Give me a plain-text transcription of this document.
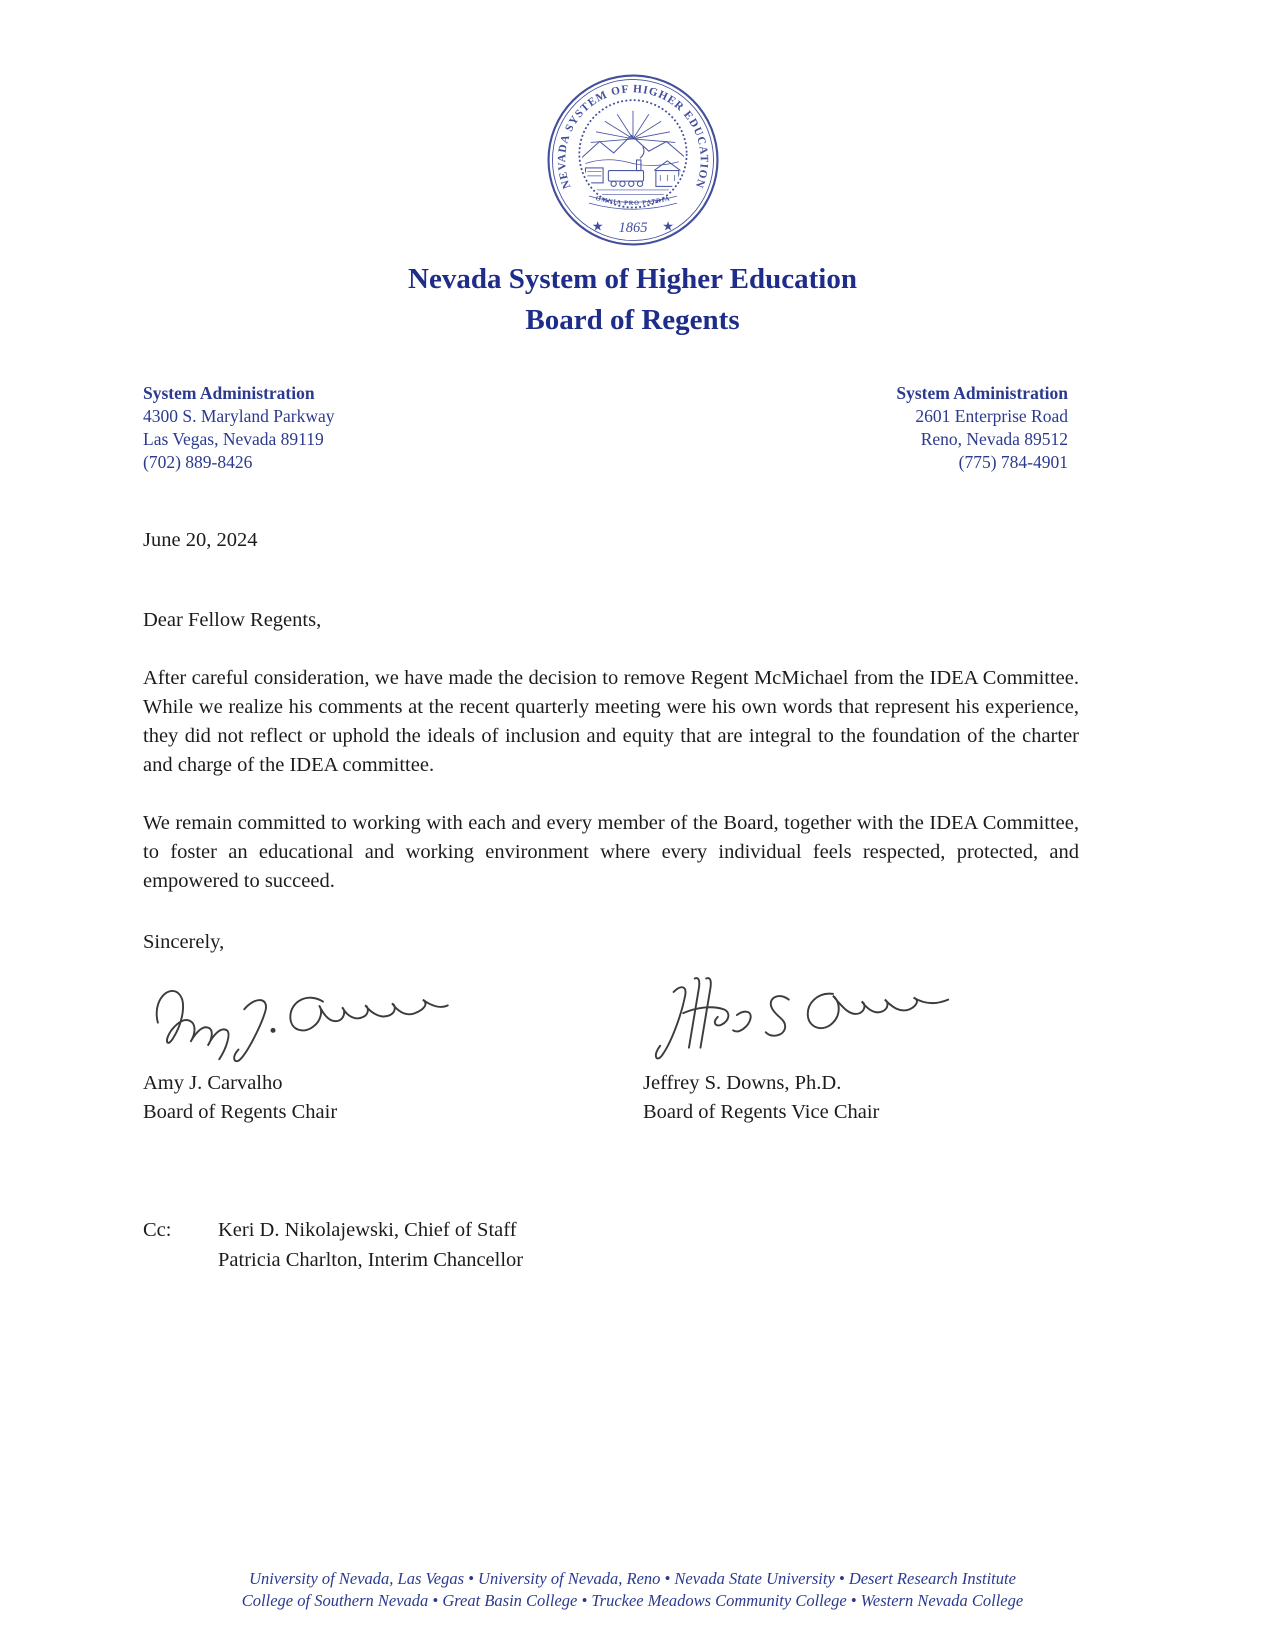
NEVADA SYSTEM OF HIGHER EDUCATION
OMNIA PRO PATRIA
★	★
1865
Nevada System of Higher Education
Board of Regents
System Administration
4300 S. Maryland Parkway
Las Vegas, Nevada 89119
(702) 889-8426
System Administration
2601 Enterprise Road
Reno, Nevada 89512
(775) 784-4901
June 20, 2024
Dear Fellow Regents,

After careful consideration, we have made the decision to remove Regent McMichael from the IDEA Committee. While we realize his comments at the recent quarterly meeting were his own words that represent his experience, they did not reflect or uphold the ideals of inclusion and equity that are integral to the foundation of the charter and charge of the IDEA committee.

We remain committed to working with each and every member of the Board, together with the IDEA Committee, to foster an educational and working environment where every individual feels respected, protected, and empowered to succeed.

Sincerely,
Amy J. Carvalho
Board of Regents Chair
Jeffrey S. Downs, Ph.D.
Board of Regents Vice Chair
Cc:	Keri D. Nikolajewski, Chief of Staff
Patricia Charlton, Interim Chancellor
University of Nevada, Las Vegas • University of Nevada, Reno • Nevada State University • Desert Research Institute
College of Southern Nevada • Great Basin College • Truckee Meadows Community College • Western Nevada College
